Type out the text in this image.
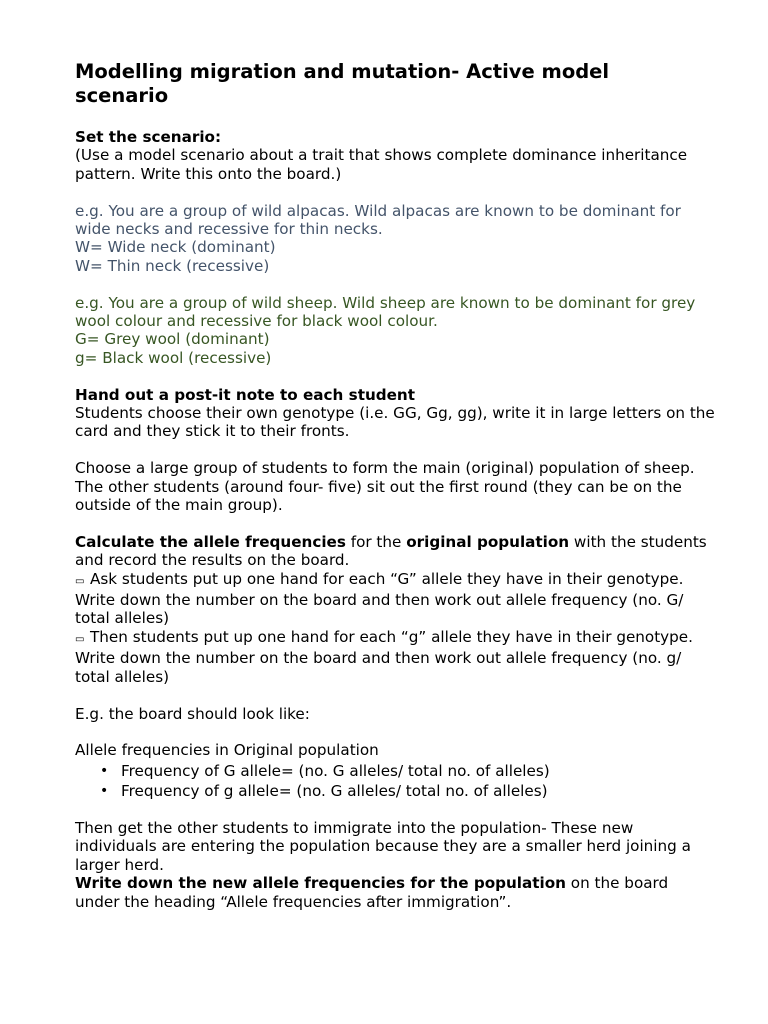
Modelling migration and mutation- Active model scenario

Set the scenario:

(Use a model scenario about a trait that shows complete dominance inheritance pattern. Write this onto the board.)

e.g. You are a group of wild alpacas. Wild alpacas are known to be dominant for wide necks and recessive for thin necks.

W= Wide neck (dominant)

W= Thin neck (recessive)

e.g. You are a group of wild sheep. Wild sheep are known to be dominant for grey wool colour and recessive for black wool colour.

G= Grey wool (dominant)

g= Black wool (recessive)

Hand out a post-it note to each student

Students choose their own genotype (i.e. GG, Gg, gg), write it in large letters on the card and they stick it to their fronts.

Choose a large group of students to form the main (original) population of sheep.

The other students (around four- five) sit out the first round (they can be on the outside of the main group).

Calculate the allele frequencies for the original population with the students and record the results on the board.

▭ Ask students put up one hand for each “G” allele they have in their genotype. Write down the number on the board and then work out allele frequency (no. G/ total alleles)

▭ Then students put up one hand for each “g” allele they have in their genotype. Write down the number on the board and then work out allele frequency (no. g/ total alleles)

E.g. the board should look like:

Allele frequencies in Original population

• Frequency of G allele= (no. G alleles/ total no. of alleles)
• Frequency of g allele= (no. G alleles/ total no. of alleles)

Then get the other students to immigrate into the population- These new individuals are entering the population because they are a smaller herd joining a larger herd.

Write down the new allele frequencies for the population on the board under the heading “Allele frequencies after immigration”.
